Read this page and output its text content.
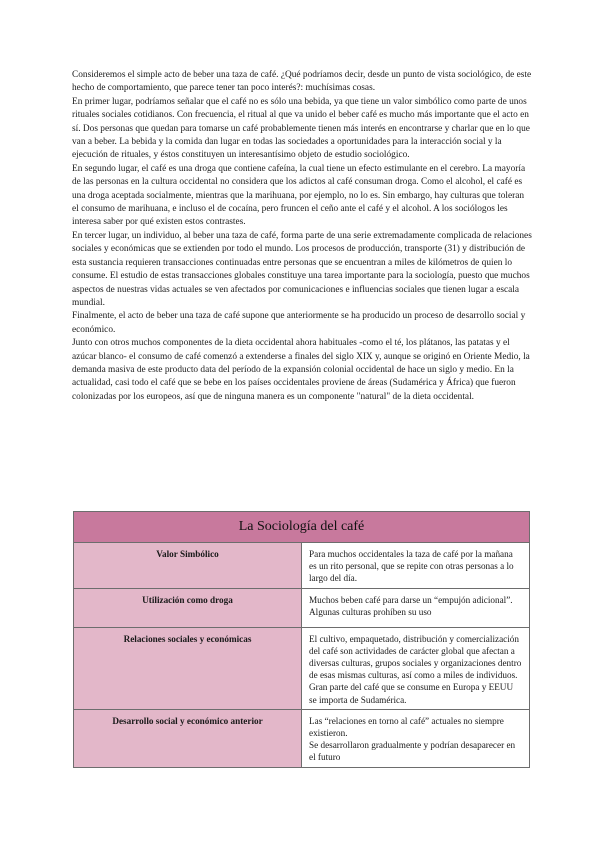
Consideremos el simple acto de beber una taza de café. ¿Qué podríamos decir, desde un punto de vista sociológico, de este hecho de comportamiento, que parece tener tan poco interés?: muchísimas cosas.

En primer lugar, podríamos señalar que el café no es sólo una bebida, ya que tiene un valor simbólico como parte de unos rituales sociales cotidianos. Con frecuencia, el ritual al que va unido el beber café es mucho más importante que el acto en sí. Dos personas que quedan para tomarse un café probablemente tienen más interés en encontrarse y charlar que en lo que van a beber. La bebida y la comida dan lugar en todas las sociedades a oportunidades para la interacción social y la ejecución de rituales, y éstos constituyen un interesantísimo objeto de estudio sociológico.

En segundo lugar, el café es una droga que contiene cafeína, la cual tiene un efecto estimulante en el cerebro. La mayoría de las personas en la cultura occidental no considera que los adictos al café consuman droga. Como el alcohol, el café es una droga aceptada socialmente, mientras que la marihuana, por ejemplo, no lo es. Sin embargo, hay culturas que toleran el consumo de marihuana, e incluso el de cocaína, pero fruncen el ceño ante el café y el alcohol. A los sociólogos les interesa saber por qué existen estos contrastes.

En tercer lugar, un individuo, al beber una taza de café, forma parte de una serie extremadamente complicada de relaciones sociales y económicas que se extienden por todo el mundo. Los procesos de producción, transporte (31) y distribución de esta sustancia requieren transacciones continuadas entre personas que se encuentran a miles de kilómetros de quien lo consume. El estudio de estas transacciones globales constituye una tarea importante para la sociología, puesto que muchos aspectos de nuestras vidas actuales se ven afectados por comunicaciones e influencias sociales que tienen lugar a escala mundial.

Finalmente, el acto de beber una taza de café supone que anteriormente se ha producido un proceso de desarrollo social y económico.

Junto con otros muchos componentes de la dieta occidental ahora habituales -como el té, los plátanos, las patatas y el azúcar blanco- el consumo de café comenzó a extenderse a finales del siglo XIX y, aunque se originó en Oriente Medio, la demanda masiva de este producto data del período de la expansión colonial occidental de hace un siglo y medio. En la actualidad, casi todo el café que se bebe en los países occidentales proviene de áreas (Sudamérica y África) que fueron colonizadas por los europeos, así que de ninguna manera es un componente "natural" de la dieta occidental.

La Sociología del café	
Valor Simbólico	Para muchos occidentales la taza de café por la mañana es un rito personal, que se repite con otras personas a lo largo del día.

Utilización como droga	Muchos beben café para darse un “empujón adicional”. Algunas culturas prohíben su uso

Relaciones sociales y económicas	El cultivo, empaquetado, distribución y comercialización del café son actividades de carácter global que afectan a diversas culturas, grupos sociales y organizaciones dentro de esas mismas culturas, así como a miles de individuos. Gran parte del café que se consume en Europa y EEUU se importa de Sudamérica.

Desarrollo social y económico anterior	Las “relaciones en torno al café” actuales no siempre existieron.
Se desarrollaron gradualmente y podrían desaparecer en el futuro
